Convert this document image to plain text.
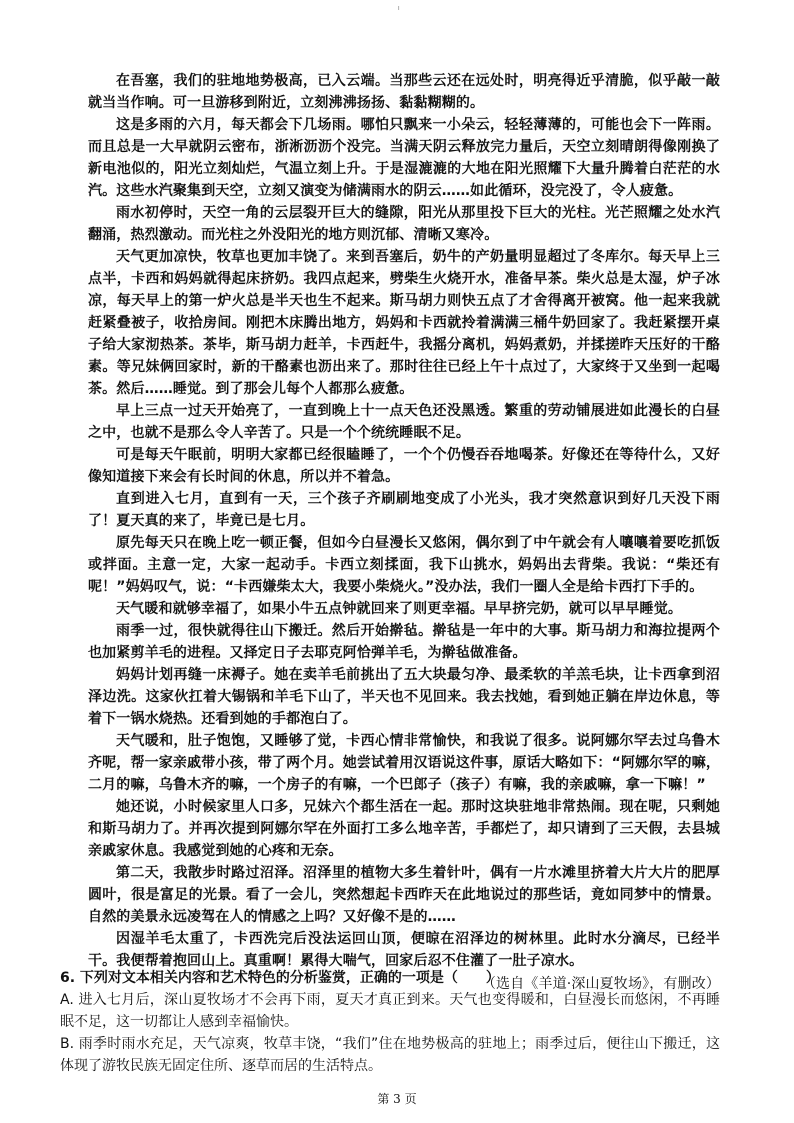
ˡ

在吾塞，我们的驻地地势极高，已入云端。当那些云还在远处时，明亮得近乎清脆，似乎敲一敲就当当作响。可一旦游移到附近，立刻沸沸扬扬、黏黏糊糊的。

这是多雨的六月，每天都会下几场雨。哪怕只飘来一小朵云，轻轻薄薄的，可能也会下一阵雨。而且总是一大早就阴云密布，浙淅沥沥个没完。当满天阴云释放完力量后，天空立刻晴朗得像刚换了新电池似的，阳光立刻灿烂，气温立刻上升。于是湿漉漉的大地在阳光照耀下大量升腾着白茫茫的水汽。这些水汽聚集到天空，立刻又演变为储满雨水的阴云……如此循环，没完没了，令人疲惫。

雨水初停时，天空一角的云层裂开巨大的缝隙，阳光从那里投下巨大的光柱。光芒照耀之处水汽翻涌，热烈激动。而光柱之外没阳光的地方则沉郁、清晰又寒冷。

天气更加凉快，牧草也更加丰饶了。来到吾塞后，奶牛的产奶量明显超过了冬库尔。每天早上三点半，卡西和妈妈就得起床挤奶。我四点起来，劈柴生火烧开水，准备早茶。柴火总是太湿，炉子冰凉，每天早上的第一炉火总是半天也生不起来。斯马胡力则快五点了才舍得离开被窝。他一起来我就赶紧叠被子，收拾房间。刚把木床腾出地方，妈妈和卡西就拎着满满三桶牛奶回家了。我赶紧摆开桌子给大家沏热茶。茶毕，斯马胡力赶羊，卡西赶牛，我摇分离机，妈妈煮奶，并揉搓昨天压好的干酪素。等兄妹俩回家时，新的干酪素也沥出来了。那时往往已经上午十点过了，大家终于又坐到一起喝茶。然后……睡觉。到了那会儿每个人都那么疲惫。

早上三点一过天开始亮了，一直到晚上十一点天色还没黑透。繁重的劳动铺展进如此漫长的白昼之中，也就不是那么令人辛苦了。只是一个个统统睡眠不足。

可是每天午眠前，明明大家都已经很瞌睡了，一个个仍慢吞吞地喝茶。好像还在等待什么，又好像知道接下来会有长时间的休息，所以并不着急。

直到进入七月，直到有一天，三个孩子齐刷刷地变成了小光头，我才突然意识到好几天没下雨了！夏天真的来了，毕竟已是七月。

原先每天只在晚上吃一顿正餐，但如今白昼漫长又悠闲，偶尔到了中午就会有人嚷嚷着要吃抓饭或拌面。主意一定，大家一起动手。卡西立刻揉面，我下山挑水，妈妈出去背柴。我说：“柴还有呢！”妈妈叹气，说：“卡西嫌柴太大，我要小柴烧火。”没办法，我们一圈人全是给卡西打下手的。

天气暖和就够幸福了，如果小牛五点钟就回来了则更幸福。早早挤完奶，就可以早早睡觉。

雨季一过，很快就得往山下搬迁。然后开始擀毡。擀毡是一年中的大事。斯马胡力和海拉提两个也加紧剪羊毛的进程。又择定日子去耶克阿恰弹羊毛，为擀毡做准备。

妈妈计划再缝一床褥子。她在卖羊毛前挑出了五大块最匀净、最柔软的羊羔毛块，让卡西拿到沼泽边洗。这家伙扛着大锡锅和羊毛下山了，半天也不见回来。我去找她，看到她正躺在岸边休息，等着下一锅水烧热。还看到她的手都泡白了。

天气暖和，肚子饱饱，又睡够了觉，卡西心情非常愉快，和我说了很多。说阿娜尔罕去过乌鲁木齐呢，帮一家亲戚带小孩，带了两个月。她尝试着用汉语说这件事，原话大略如下：“阿娜尔罕的嘛，二月的嘛，乌鲁木齐的嘛，一个房子的有嘛，一个巴郎子（孩子）有嘛，我的亲戚嘛，拿一下嘛！”

她还说，小时候家里人口多，兄妹六个都生活在一起。那时这块驻地非常热闹。现在呢，只剩她和斯马胡力了。并再次提到阿娜尔罕在外面打工多么地辛苦，手都烂了，却只请到了三天假，去县城亲戚家休息。我感觉到她的心疼和无奈。

第二天，我散步时路过沼泽。沼泽里的植物大多生着针叶，偶有一片水滩里挤着大片大片的肥厚圆叶，很是富足的光景。看了一会儿，突然想起卡西昨天在此地说过的那些话，竟如同梦中的情景。自然的美景永远凌驾在人的情感之上吗？又好像不是的……

因湿羊毛太重了，卡西洗完后没法运回山顶，便晾在沼泽边的树林里。此时水分滴尽，已经半干。我便帮着抱回山上。真重啊！累得大喘气，回家后忍不住灌了一肚子凉水。

（选自《羊道·深山夏牧场》，有删改）
6. 下列对文本相关内容和艺术特色的分析鉴赏，正确的一项是（　　）
A. 进入七月后，深山夏牧场才不会再下雨，夏天才真正到来。天气也变得暖和，白昼漫长而悠闲，不再睡眠不足，这一切都让人感到幸福愉快。
B. 雨季时雨水充足，天气凉爽，牧草丰饶，“我们”住在地势极高的驻地上；雨季过后，便往山下搬迁，这体现了游牧民族无固定住所、逐草而居的生活特点。
第 3 页
